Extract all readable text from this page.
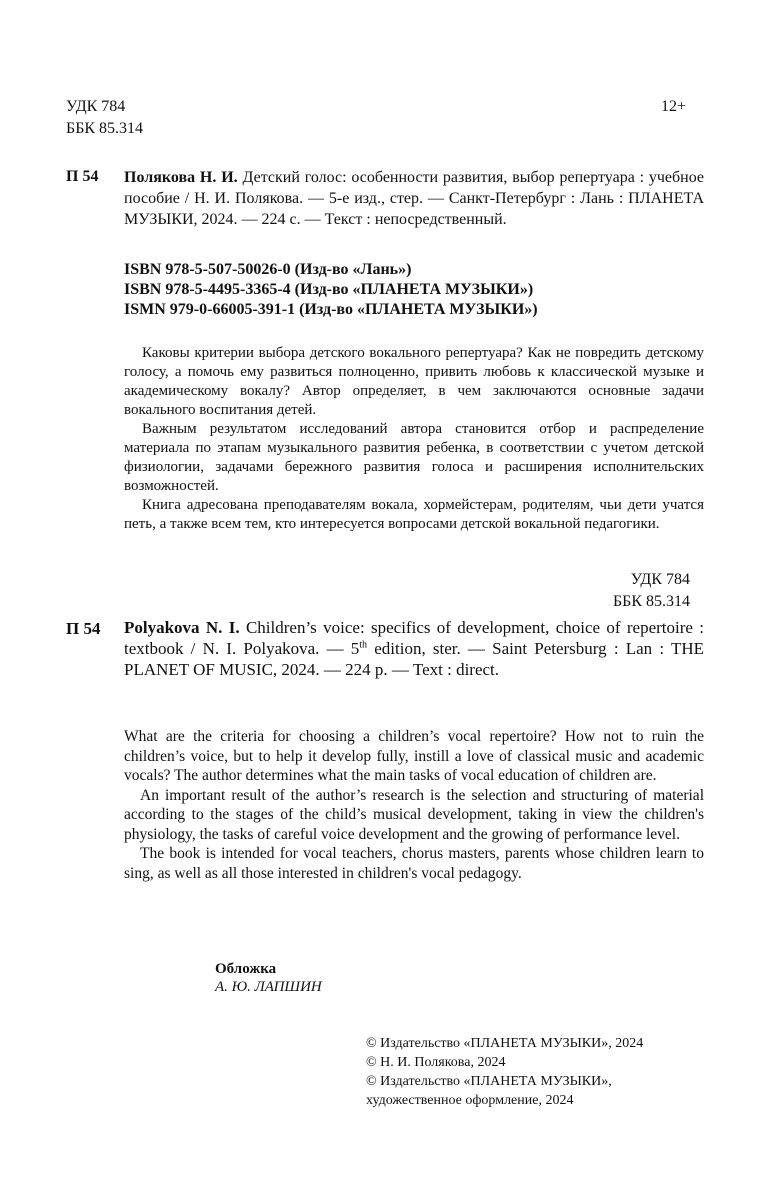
УДК 784
ББК 85.314
12+
П 54 Полякова Н. И. Детский голос: особенности развития, выбор репертуара : учебное пособие / Н. И. Полякова. — 5-е изд., стер. — Санкт-Петербург : Лань : ПЛАНЕТА МУЗЫКИ, 2024. — 224 с. — Текст : непосредственный.
ISBN 978-5-507-50026-0 (Изд-во «Лань»)
ISBN 978-5-4495-3365-4 (Изд-во «ПЛАНЕТА МУЗЫКИ»)
ISMN 979-0-66005-391-1 (Изд-во «ПЛАНЕТА МУЗЫКИ»)

Каковы критерии выбора детского вокального репертуара? Как не повредить детскому голосу, а помочь ему развиться полноценно, привить любовь к классической музыке и академическому вокалу? Автор определяет, в чем заключаются основные задачи вокального воспитания детей.

Важным результатом исследований автора становится отбор и распределение материала по этапам музыкального развития ребенка, в соответствии с учетом детской физиологии, задачами бережного развития голоса и расширения исполнительских возможностей.

Книга адресована преподавателям вокала, хормейстерам, родителям, чьи дети учатся петь, а также всем тем, кто интересуется вопросами детской вокальной педагогики.

УДК 784
ББК 85.314
П 54 Polyakova N. I. Children’s voice: specifics of development, choice of repertoire : textbook / N. I. Polyakova. — 5th edition, ster. — Saint Petersburg : Lan : THE PLANET OF MUSIC, 2024. — 224 p. — Text : direct.

What are the criteria for choosing a children’s vocal repertoire? How not to ruin the children’s voice, but to help it develop fully, instill a love of classical music and academic vocals? The author determines what the main tasks of vocal education of children are.

An important result of the author’s research is the selection and structuring of material according to the stages of the child’s musical development, taking in view the children's physiology, the tasks of careful voice development and the growing of performance level.

The book is intended for vocal teachers, chorus masters, parents whose children learn to sing, as well as all those interested in children's vocal pedagogy.

Обложка
А. Ю. ЛАПШИН
© Издательство «ПЛАНЕТА МУЗЫКИ», 2024
© Н. И. Полякова, 2024
© Издательство «ПЛАНЕТА МУЗЫКИ»,
художественное оформление, 2024
